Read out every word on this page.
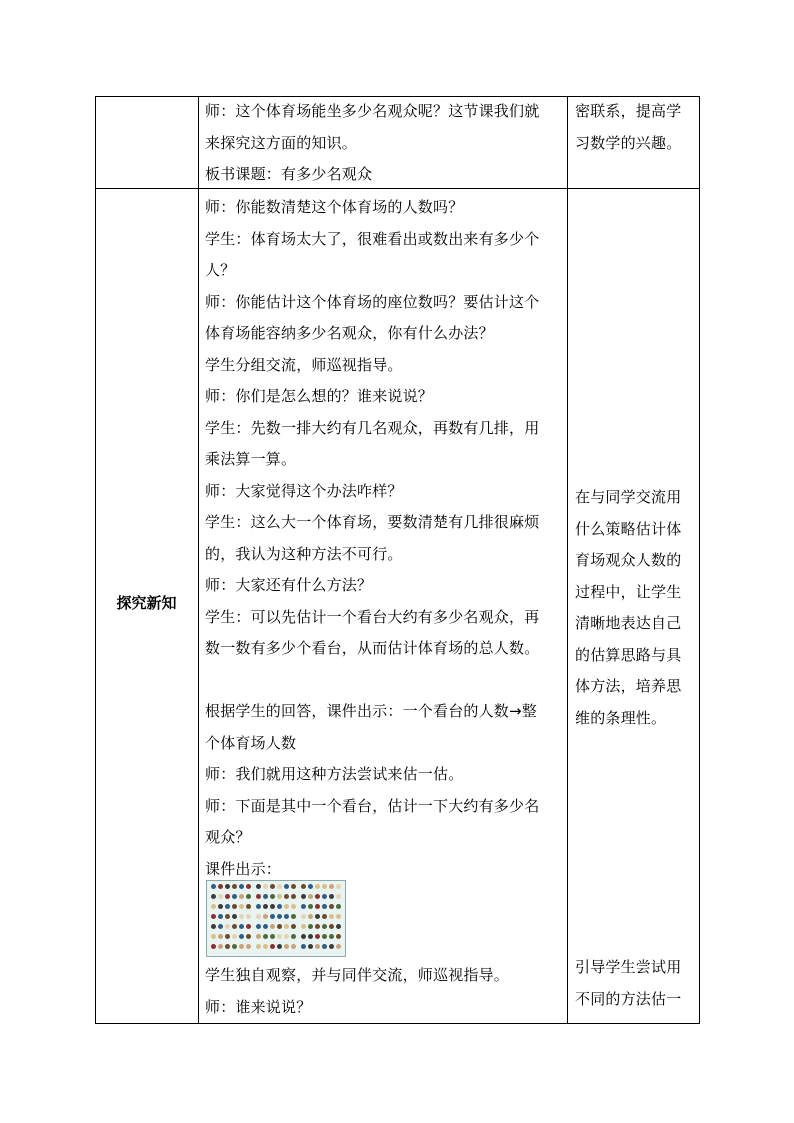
师：这个体育场能坐多少名观众呢？这节课我们就
来探究这方面的知识。
板书课题：有多少名观众
密联系，提高学
习数学的兴趣。
探究新知
师：你能数清楚这个体育场的人数吗？
学生：体育场太大了，很难看出或数出来有多少个
人？
师：你能估计这个体育场的座位数吗？要估计这个
体育场能容纳多少名观众，你有什么办法？
学生分组交流，师巡视指导。
师：你们是怎么想的？谁来说说？
学生：先数一排大约有几名观众，再数有几排，用
乘法算一算。
师：大家觉得这个办法咋样？
学生：这么大一个体育场，要数清楚有几排很麻烦
的，我认为这种方法不可行。
师：大家还有什么方法？
学生：可以先估计一个看台大约有多少名观众，再
数一数有多少个看台，从而估计体育场的总人数。
根据学生的回答，课件出示：一个看台的人数→整
个体育场人数
师：我们就用这种方法尝试来估一估。
师：下面是其中一个看台，估计一下大约有多少名
观众？
课件出示：
学生独自观察，并与同伴交流，师巡视指导。
师：谁来说说？
在与同学交流用
什么策略估计体
育场观众人数的
过程中，让学生
清晰地表达自己
的估算思路与具
体方法，培养思
维的条理性。
引导学生尝试用
不同的方法估一
